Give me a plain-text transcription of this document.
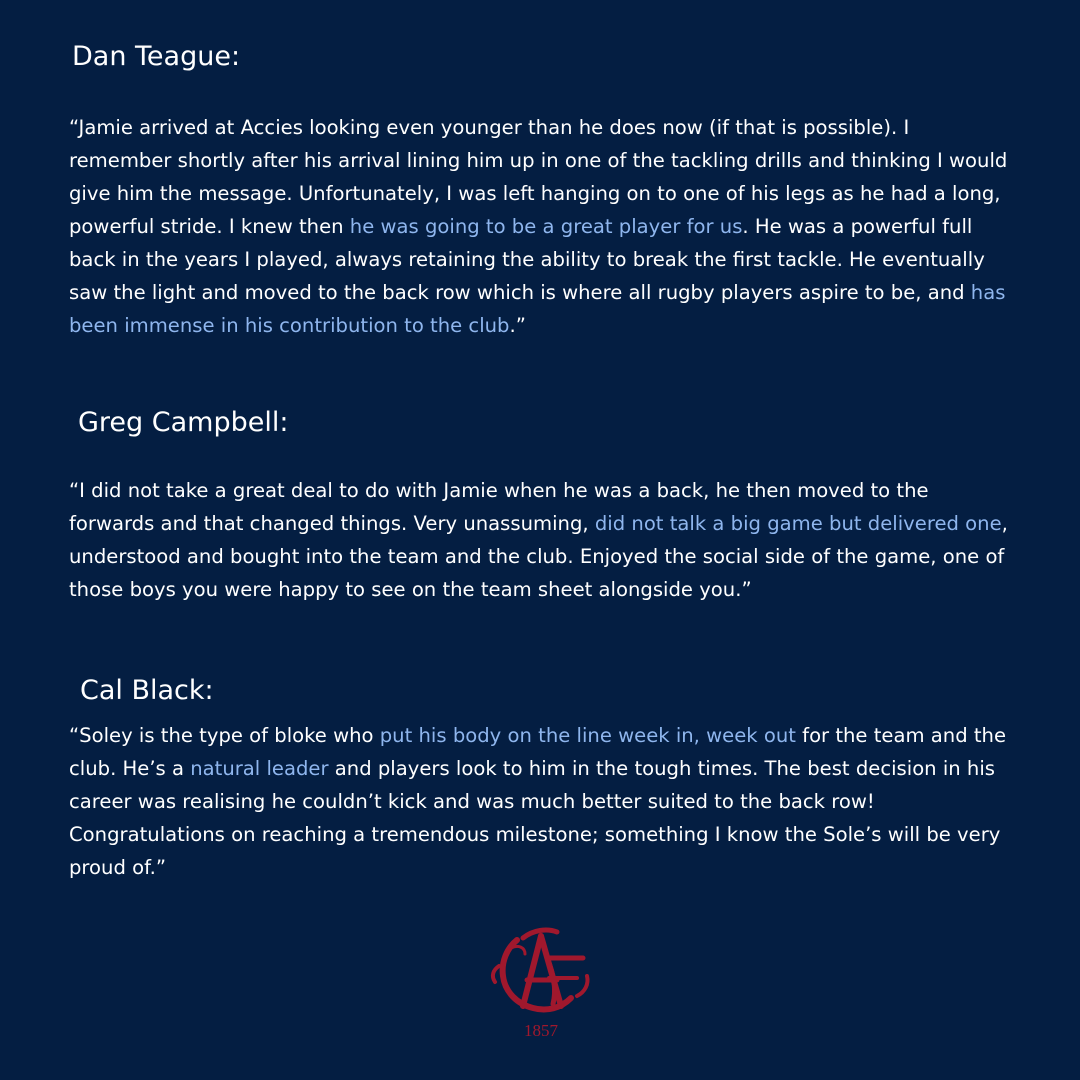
Dan Teague:

“Jamie arrived at Accies looking even younger than he does now (if that is possible). I remember shortly after his arrival lining him up in one of the tackling drills and thinking I would give him the message. Unfortunately, I was left hanging on to one of his legs as he had a long, powerful stride. I knew then he was going to be a great player for us. He was a powerful full back in the years I played, always retaining the ability to break the first tackle. He eventually saw the light and moved to the back row which is where all rugby players aspire to be, and has been immense in his contribution to the club.”

Greg Campbell:

“I did not take a great deal to do with Jamie when he was a back, he then moved to the forwards and that changed things. Very unassuming, did not talk a big game but delivered one, understood and bought into the team and the club. Enjoyed the social side of the game, one of those boys you were happy to see on the team sheet alongside you.”

Cal Black:

“Soley is the type of bloke who put his body on the line week in, week out for the team and the club. He’s a natural leader and players look to him in the tough times. The best decision in his career was realising he couldn’t kick and was much better suited to the back row! Congratulations on reaching a tremendous milestone; something I know the Sole’s will be very proud of.”

1857
